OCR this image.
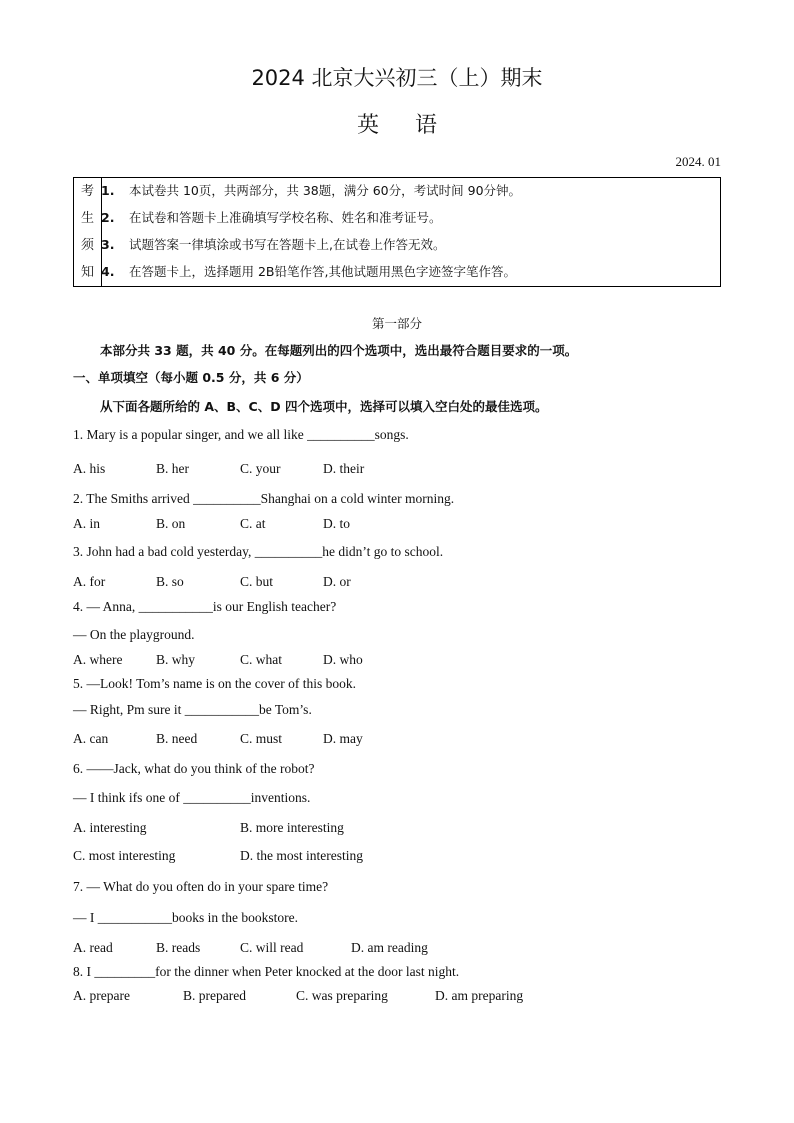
2024 北京大兴初三（上）期末
英语
2024. 01
考
生
须
知
1. 本试卷共 10页，共两部分，共 38题，满分 60分，考试时间 90分钟。
2. 在试卷和答题卡上准确填写学校名称、姓名和准考证号。
3. 试题答案一律填涂或书写在答题卡上,在试卷上作答无效。
4. 在答题卡上，选择题用 2B铅笔作答,其他试题用黑色字迹签字笔作答。
第一部分
本部分共 33 题，共 40 分。在每题列出的四个选项中，选出最符合题目要求的一项。
一、单项填空（每小题 0.5 分，共 6 分）
从下面各题所给的 A、B、C、D 四个选项中，选择可以填入空白处的最佳选项。
1. Mary is a popular singer, and we all like __________songs.
A. his	B. her	C. your	D. their
2. The Smiths arrived __________Shanghai on a cold winter morning.
A. in	B. on	C. at	D. to
3. John had a bad cold yesterday, __________he didn’t go to school.
A. for	B. so	C. but	D. or
4. — Anna, ___________is our English teacher?
— On the playground.
A. where B. why	C. what	D. who
5. —Look! Tom’s name is on the cover of this book.
— Right, Pm sure it ___________be Tom’s.
A. can	B. need	C. must	D. may
6. ——Jack, what do you think of the robot?
— I think ifs one of __________inventions.
A. interesting	B. more interesting
C. most interesting	D. the most interesting
7. — What do you often do in your spare time?
— I ___________books in the bookstore.
A. read	B. reads	C. will read	D. am reading
8. I _________for the dinner when Peter knocked at the door last night.
A. prepare	B. prepared	C. was preparing	D. am preparing
